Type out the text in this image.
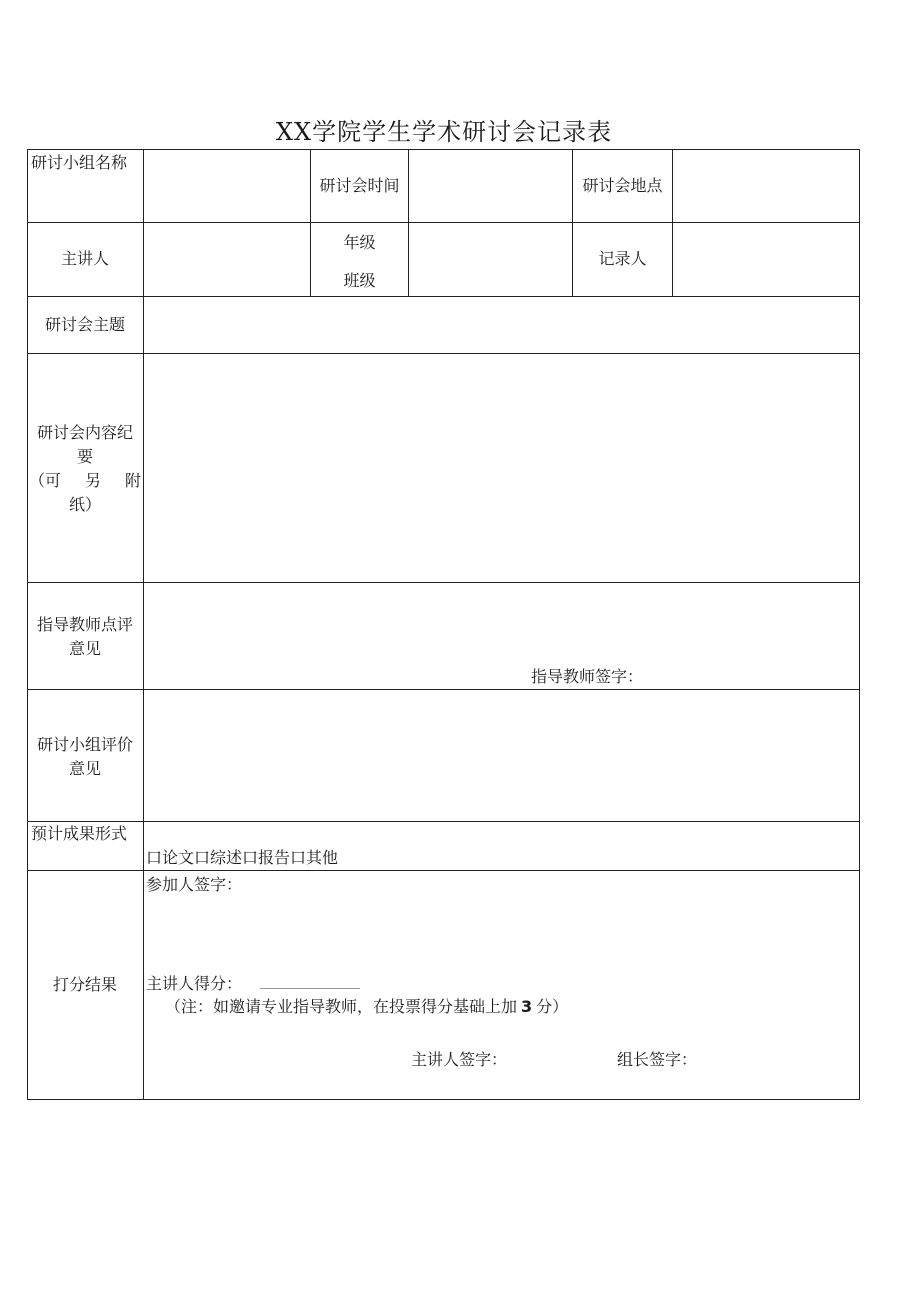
XX学院学生学术研讨会记录表
研讨小组名称
研讨会时间	研讨会地点
主讲人
年级
班级
记录人
研讨会主题
研讨会内容纪
要
（可 另 附
纸）
指导教师点评
意见
指导教师签字：
研讨小组评价
意见
预计成果形式
口论文口综述口报告口其他
打分结果
参加人签字：
主讲人得分：
（注：如邀请专业指导教师，在投票得分基础上加 3 分）
主讲人签字：	组长签字：
